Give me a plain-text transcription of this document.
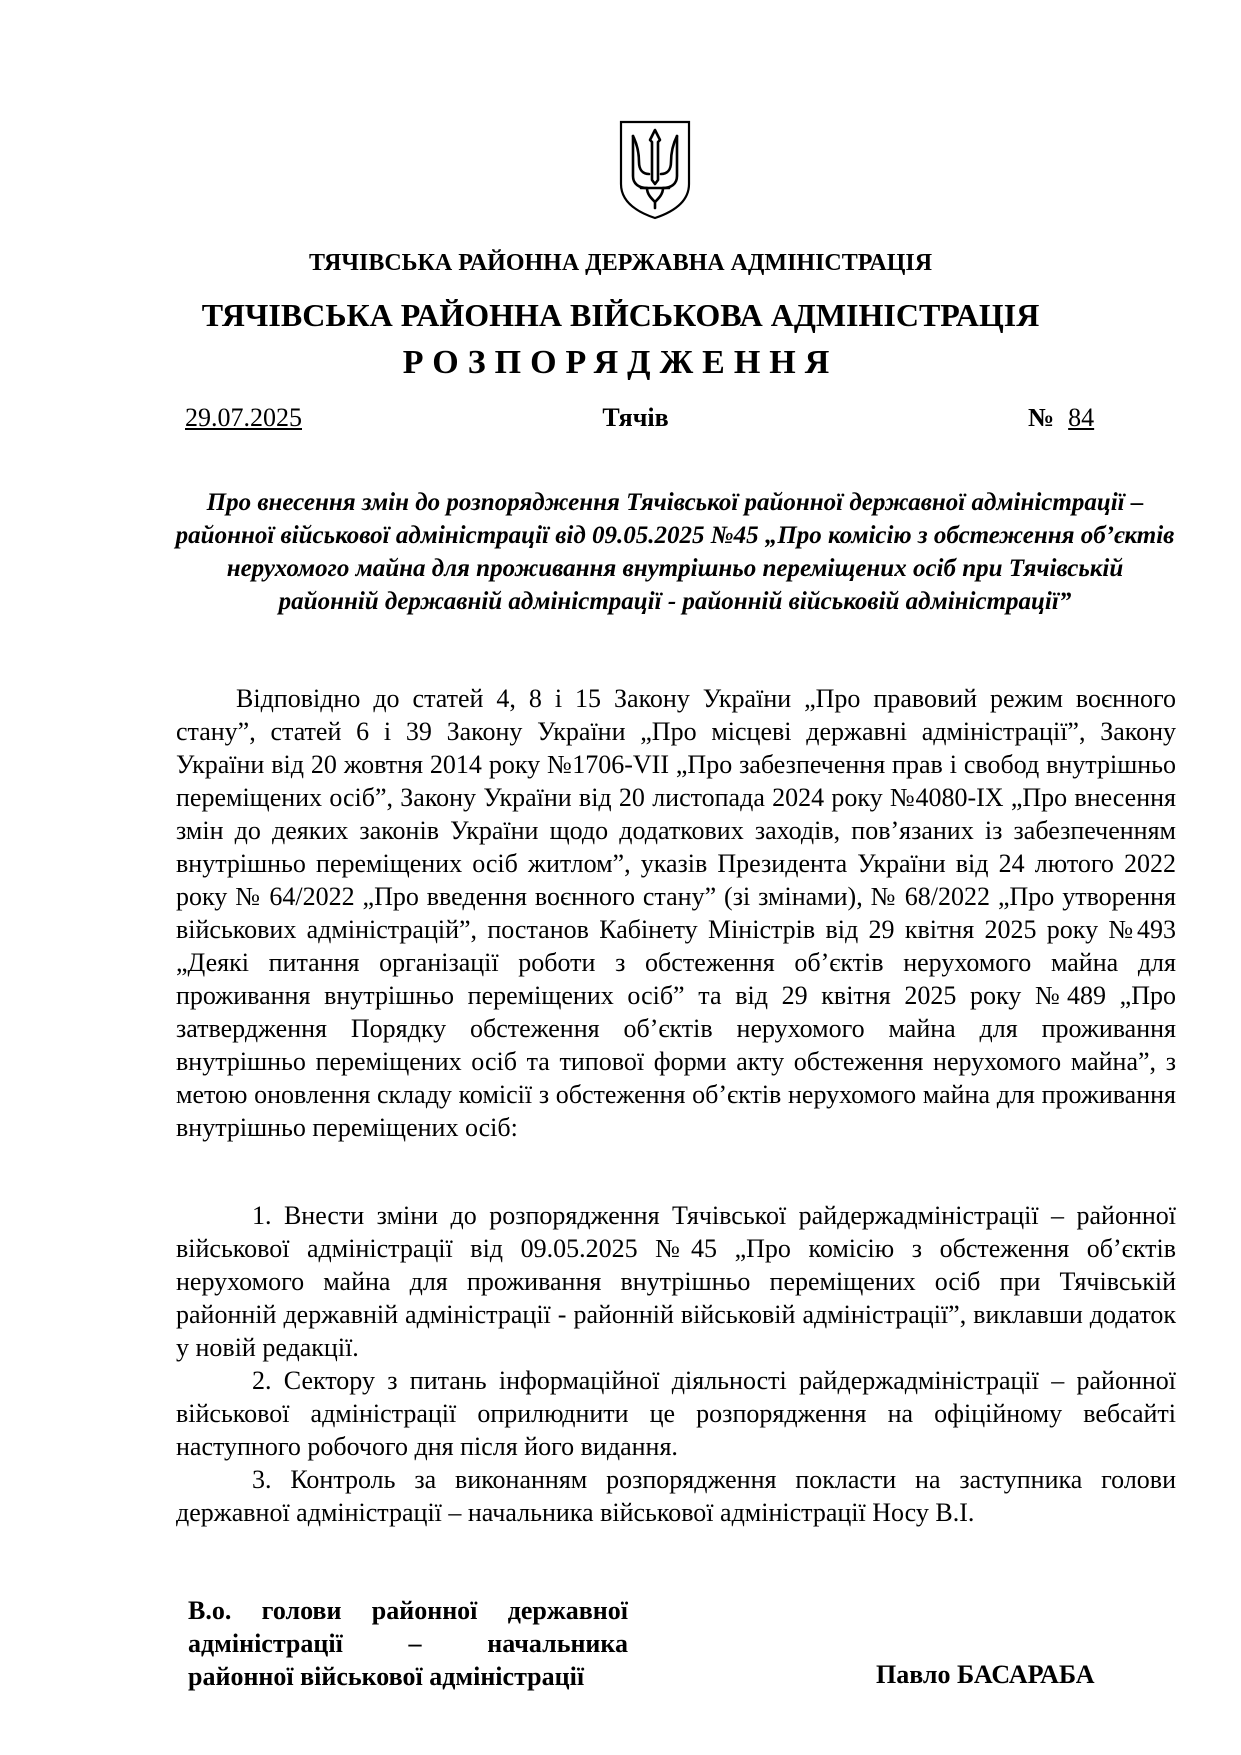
ТЯЧІВСЬКА РАЙОННА ДЕРЖАВНА АДМІНІСТРАЦІЯ
ТЯЧІВСЬКА РАЙОННА ВІЙСЬКОВА АДМІНІСТРАЦІЯ
РОЗПОРЯДЖЕННЯ
29.07.2025	Тячів	№ 84
Про внесення змін до розпорядження Тячівської районної державної адміністрації – районної військової адміністрації від 09.05.2025 №45 „Про комісію з обстеження об’єктів нерухомого майна для проживання внутрішньо переміщених осіб при Тячівській районній державній адміністрації - районній військовій адміністрації”

Відповідно до статей 4, 8 і 15 Закону України „Про правовий режим воєнного стану”, статей 6 і 39 Закону України „Про місцеві державні адміністрації”, Закону України від 20 жовтня 2014 року №1706-VII „Про забезпечення прав і свобод внутрішньо переміщених осіб”, Закону України від 20 листопада 2024 року №4080-IX „Про внесення змін до деяких законів України щодо додаткових заходів, пов’язаних із забезпеченням внутрішньо переміщених осіб житлом”, указів Президента України від 24 лютого 2022 року № 64/2022 „Про введення воєнного стану” (зі змінами), № 68/2022 „Про утворення військових адміністрацій”, постанов Кабінету Міністрів від 29 квітня 2025 року №493 „Деякі питання організації роботи з обстеження об’єктів нерухомого майна для проживання внутрішньо переміщених осіб” та від 29 квітня 2025 року №489 „Про затвердження Порядку обстеження об’єктів нерухомого майна для проживання внутрішньо переміщених осіб та типової форми акту обстеження нерухомого майна”, з метою оновлення складу комісії з обстеження об’єктів нерухомого майна для проживання внутрішньо переміщених осіб:

1. Внести зміни до розпорядження Тячівської райдержадміністрації – районної військової адміністрації від 09.05.2025 №45 „Про комісію з обстеження об’єктів нерухомого майна для проживання внутрішньо переміщених осіб при Тячівській районній державній адміністрації - районній військовій адміністрації”, виклавши додаток у новій редакції.

2. Сектору з питань інформаційної діяльності райдержадміністрації – районної військової адміністрації оприлюднити це розпорядження на офіційному вебсайті наступного робочого дня після його видання.

3. Контроль за виконанням розпорядження покласти на заступника голови державної адміністрації – начальника військової адміністрації Носу В.І.

В.о. голови районної державної
адміністрації – начальника
районної військової адміністрації	Павло БАСАРАБА
